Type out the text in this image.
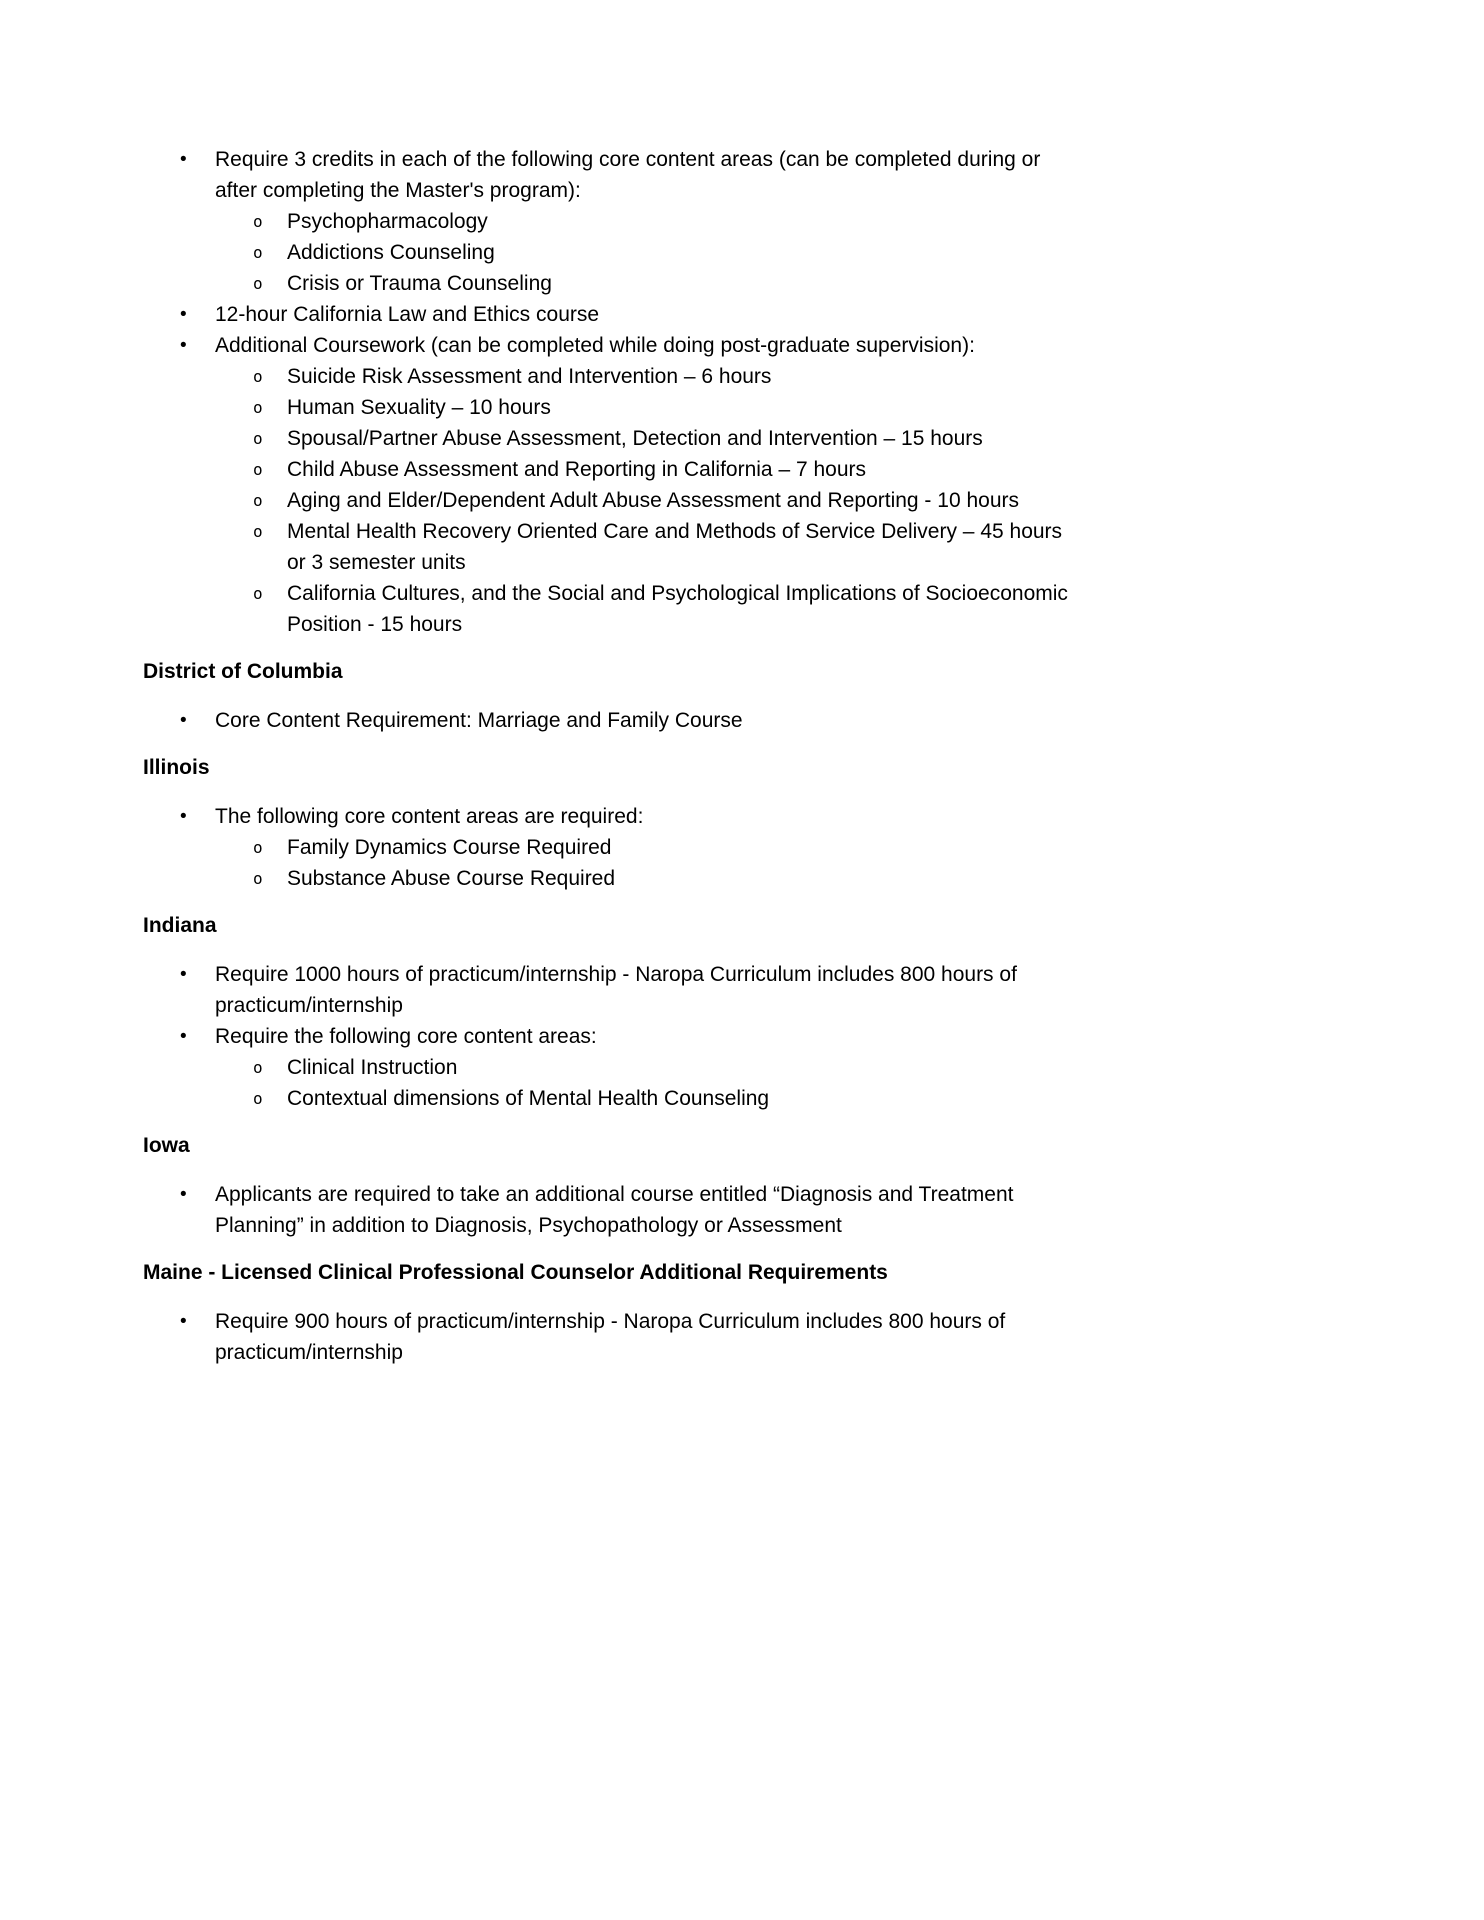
•	Require 3 credits in each of the following core content areas (can be completed during or after completing the Master's program):
o	Psychopharmacology
o	Addictions Counseling
o	Crisis or Trauma Counseling
•	12-hour California Law and Ethics course
•	Additional Coursework (can be completed while doing post-graduate supervision):
o	Suicide Risk Assessment and Intervention – 6 hours
o	Human Sexuality – 10 hours
o	Spousal/Partner Abuse Assessment, Detection and Intervention – 15 hours
o	Child Abuse Assessment and Reporting in California – 7 hours
o	Aging and Elder/Dependent Adult Abuse Assessment and Reporting - 10 hours
o	Mental Health Recovery Oriented Care and Methods of Service Delivery – 45 hours or 3 semester units
o	California Cultures, and the Social and Psychological Implications of Socioeconomic Position - 15 hours

District of Columbia

•	Core Content Requirement: Marriage and Family Course

Illinois

•	The following core content areas are required:
o	Family Dynamics Course Required
o	Substance Abuse Course Required

Indiana

•	Require 1000 hours of practicum/internship - Naropa Curriculum includes 800 hours of practicum/internship
•	Require the following core content areas:
o	Clinical Instruction
o	Contextual dimensions of Mental Health Counseling

Iowa

•	Applicants are required to take an additional course entitled “Diagnosis and Treatment Planning” in addition to Diagnosis, Psychopathology or Assessment

Maine - Licensed Clinical Professional Counselor Additional Requirements

•	Require 900 hours of practicum/internship - Naropa Curriculum includes 800 hours of practicum/internship
